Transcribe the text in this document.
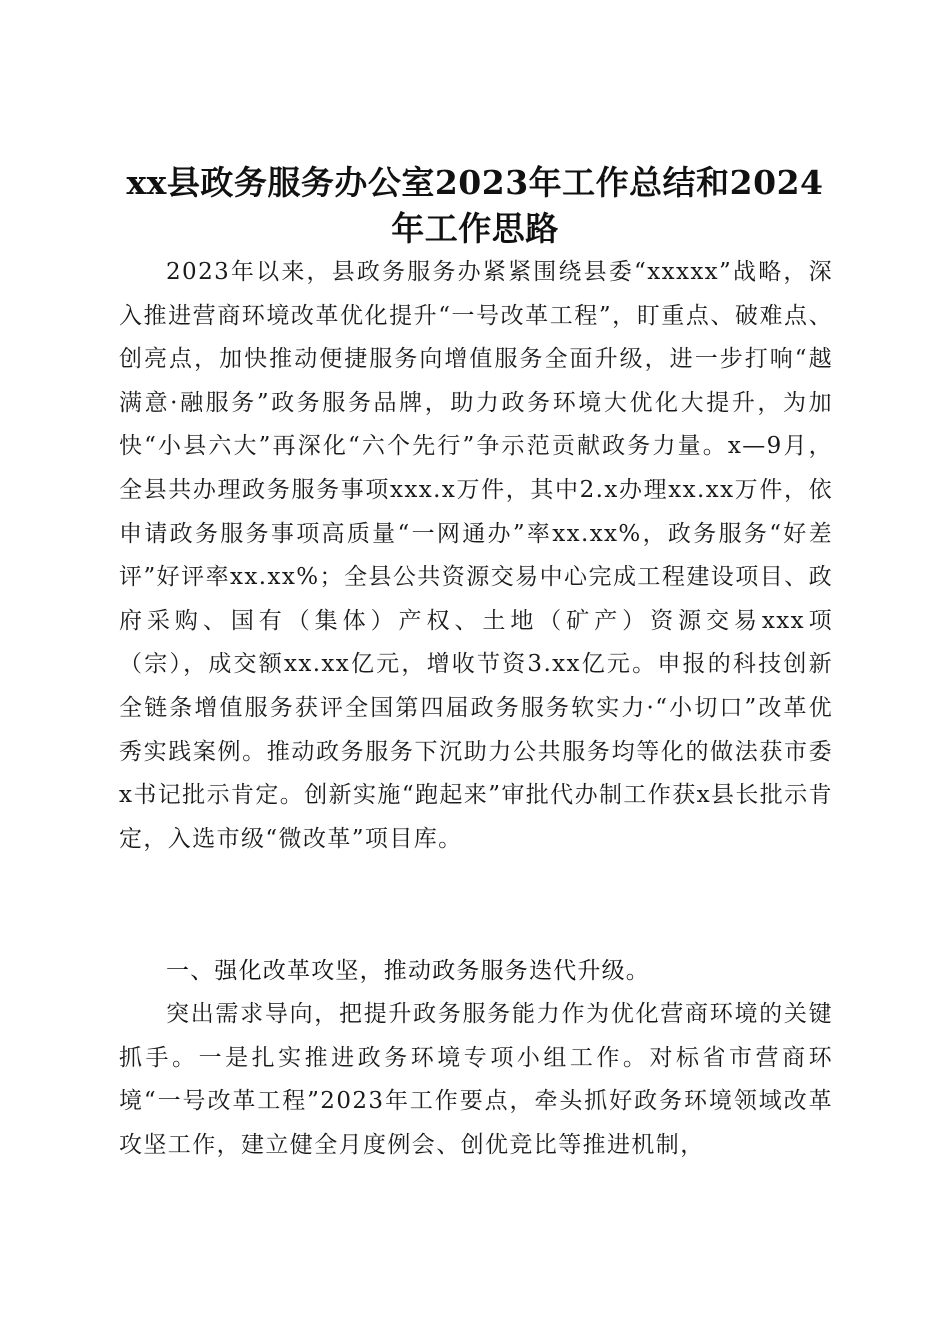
xx县政务服务办公室2023年工作总结和2024年工作思路

2023年以来，县政务服务办紧紧围绕县委“xxxxx”战略，深入推进营商环境改革优化提升“一号改革工程”，盯重点、破难点、创亮点，加快推动便捷服务向增值服务全面升级，进一步打响“越满意·融服务”政务服务品牌，助力政务环境大优化大提升，为加快“小县六大”再深化“六个先行”争示范贡献政务力量。x—9月，全县共办理政务服务事项xxx.x万件，其中2.x办理xx.xx万件，依申请政务服务事项高质量“一网通办”率xx.xx%，政务服务“好差评”好评率xx.xx%；全县公共资源交易中心完成工程建设项目、政府采购、国有（集体）产权、土地（矿产）资源交易xxx项（宗），成交额xx.xx亿元，增收节资3.xx亿元。申报的科技创新全链条增值服务获评全国第四届政务服务软实力·“小切口”改革优秀实践案例。推动政务服务下沉助力公共服务均等化的做法获市委x书记批示肯定。创新实施“跑起来”审批代办制工作获x县长批示肯定，入选市级“微改革”项目库。

一、强化改革攻坚，推动政务服务迭代升级。

突出需求导向，把提升政务服务能力作为优化营商环境的关键抓手。一是扎实推进政务环境专项小组工作。对标省市营商环境“一号改革工程”2023年工作要点，牵头抓好政务环境领域改革攻坚工作，建立健全月度例会、创优竞比等推进机制，
